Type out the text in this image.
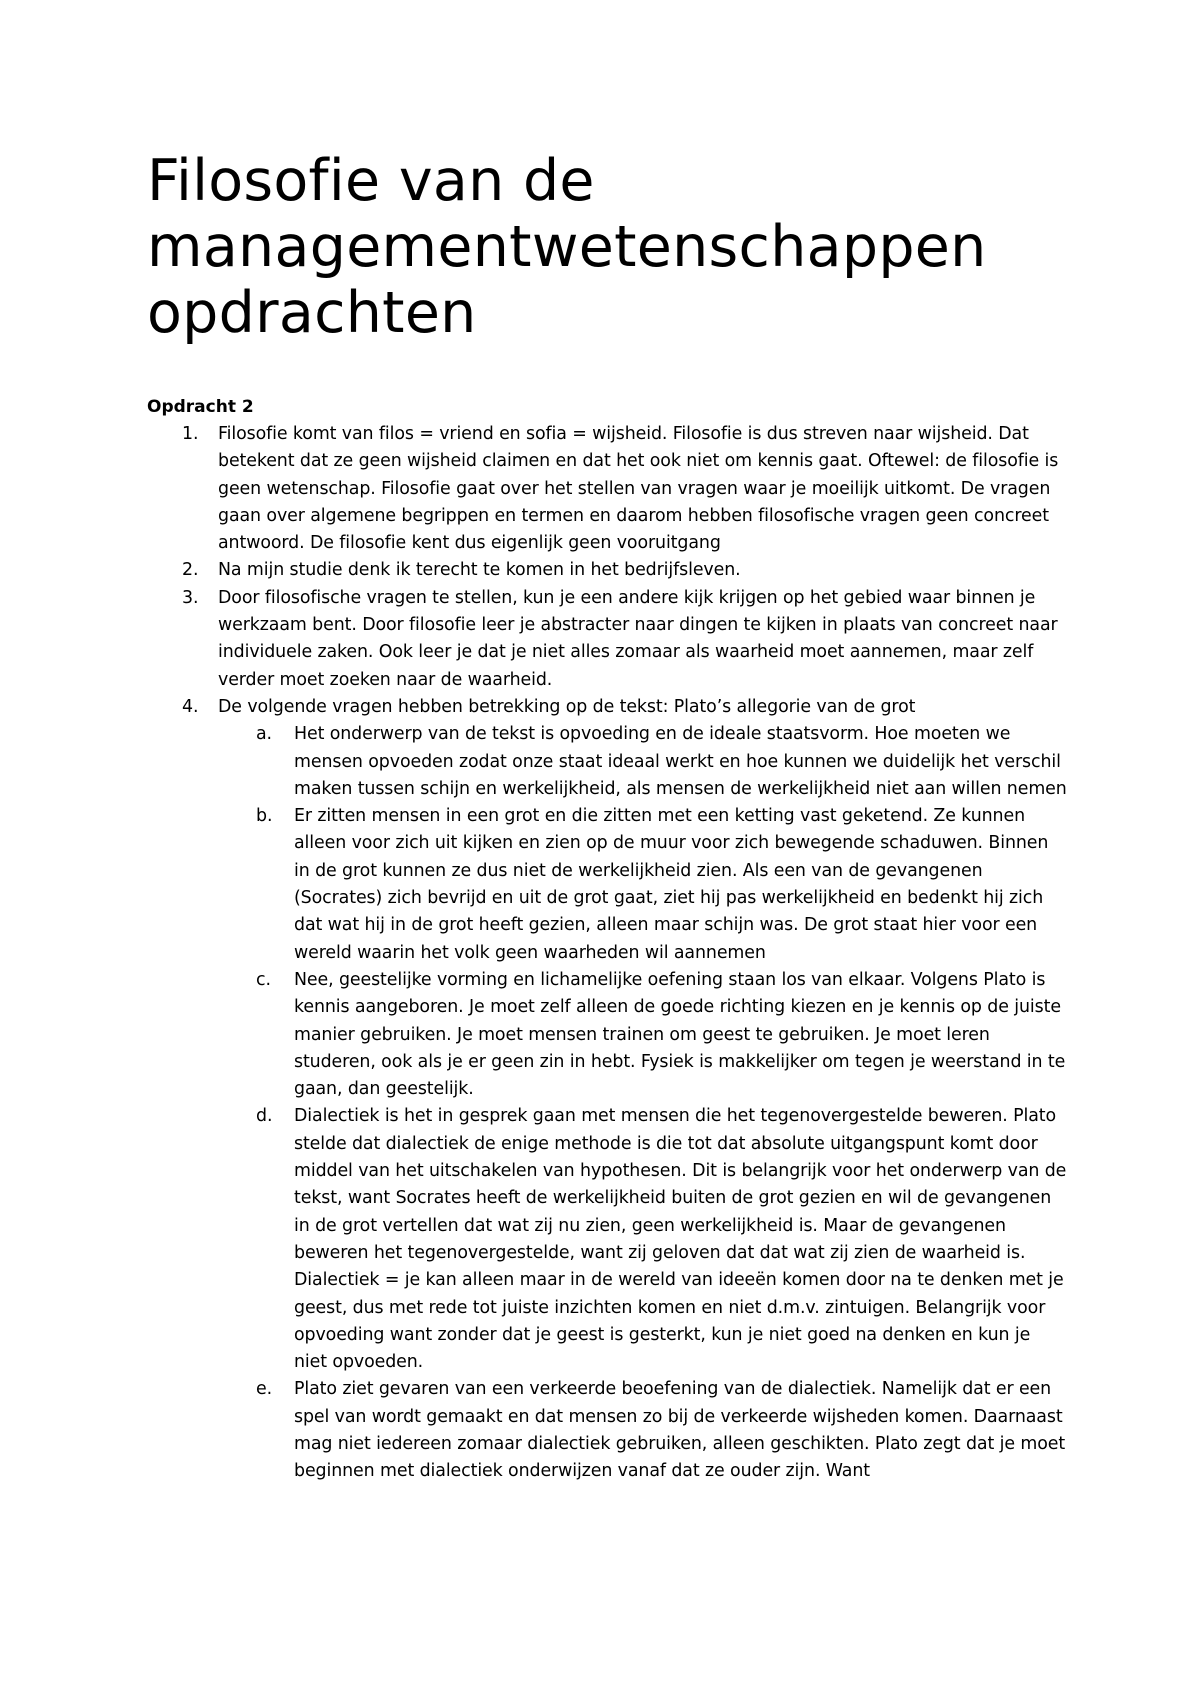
Filosofie van de managementwetenschappen opdrachten
Opdracht 2
1. Filosofie komt van filos = vriend en sofia = wijsheid. Filosofie is dus streven naar wijsheid. Dat betekent dat ze geen wijsheid claimen en dat het ook niet om kennis gaat. Oftewel: de filosofie is geen wetenschap. Filosofie gaat over het stellen van vragen waar je moeilijk uitkomt. De vragen gaan over algemene begrippen en termen en daarom hebben filosofische vragen geen concreet antwoord. De filosofie kent dus eigenlijk geen vooruitgang
2. Na mijn studie denk ik terecht te komen in het bedrijfsleven.
3. Door filosofische vragen te stellen, kun je een andere kijk krijgen op het gebied waar binnen je werkzaam bent. Door filosofie leer je abstracter naar dingen te kijken in plaats van concreet naar individuele zaken. Ook leer je dat je niet alles zomaar als waarheid moet aannemen, maar zelf verder moet zoeken naar de waarheid.
4. De volgende vragen hebben betrekking op de tekst: Plato’s allegorie van de grot
a. Het onderwerp van de tekst is opvoeding en de ideale staatsvorm. Hoe moeten we mensen opvoeden zodat onze staat ideaal werkt en hoe kunnen we duidelijk het verschil maken tussen schijn en werkelijkheid, als mensen de werkelijkheid niet aan willen nemen
b. Er zitten mensen in een grot en die zitten met een ketting vast geketend. Ze kunnen alleen voor zich uit kijken en zien op de muur voor zich bewegende schaduwen. Binnen in de grot kunnen ze dus niet de werkelijkheid zien. Als een van de gevangenen (Socrates) zich bevrijd en uit de grot gaat, ziet hij pas werkelijkheid en bedenkt hij zich dat wat hij in de grot heeft gezien, alleen maar schijn was. De grot staat hier voor een wereld waarin het volk geen waarheden wil aannemen
c. Nee, geestelijke vorming en lichamelijke oefening staan los van elkaar. Volgens Plato is kennis aangeboren. Je moet zelf alleen de goede richting kiezen en je kennis op de juiste manier gebruiken. Je moet mensen trainen om geest te gebruiken. Je moet leren studeren, ook als je er geen zin in hebt. Fysiek is makkelijker om tegen je weerstand in te gaan, dan geestelijk.
d. Dialectiek is het in gesprek gaan met mensen die het tegenovergestelde beweren. Plato stelde dat dialectiek de enige methode is die tot dat absolute uitgangspunt komt door middel van het uitschakelen van hypothesen. Dit is belangrijk voor het onderwerp van de tekst, want Socrates heeft de werkelijkheid buiten de grot gezien en wil de gevangenen in de grot vertellen dat wat zij nu zien, geen werkelijkheid is. Maar de gevangenen beweren het tegenovergestelde, want zij geloven dat dat wat zij zien de waarheid is. Dialectiek = je kan alleen maar in de wereld van ideeën komen door na te denken met je geest, dus met rede tot juiste inzichten komen en niet d.m.v. zintuigen. Belangrijk voor opvoeding want zonder dat je geest is gesterkt, kun je niet goed na denken en kun je niet opvoeden.
e. Plato ziet gevaren van een verkeerde beoefening van de dialectiek. Namelijk dat er een spel van wordt gemaakt en dat mensen zo bij de verkeerde wijsheden komen. Daarnaast mag niet iedereen zomaar dialectiek gebruiken, alleen geschikten. Plato zegt dat je moet beginnen met dialectiek onderwijzen vanaf dat ze ouder zijn. Want
